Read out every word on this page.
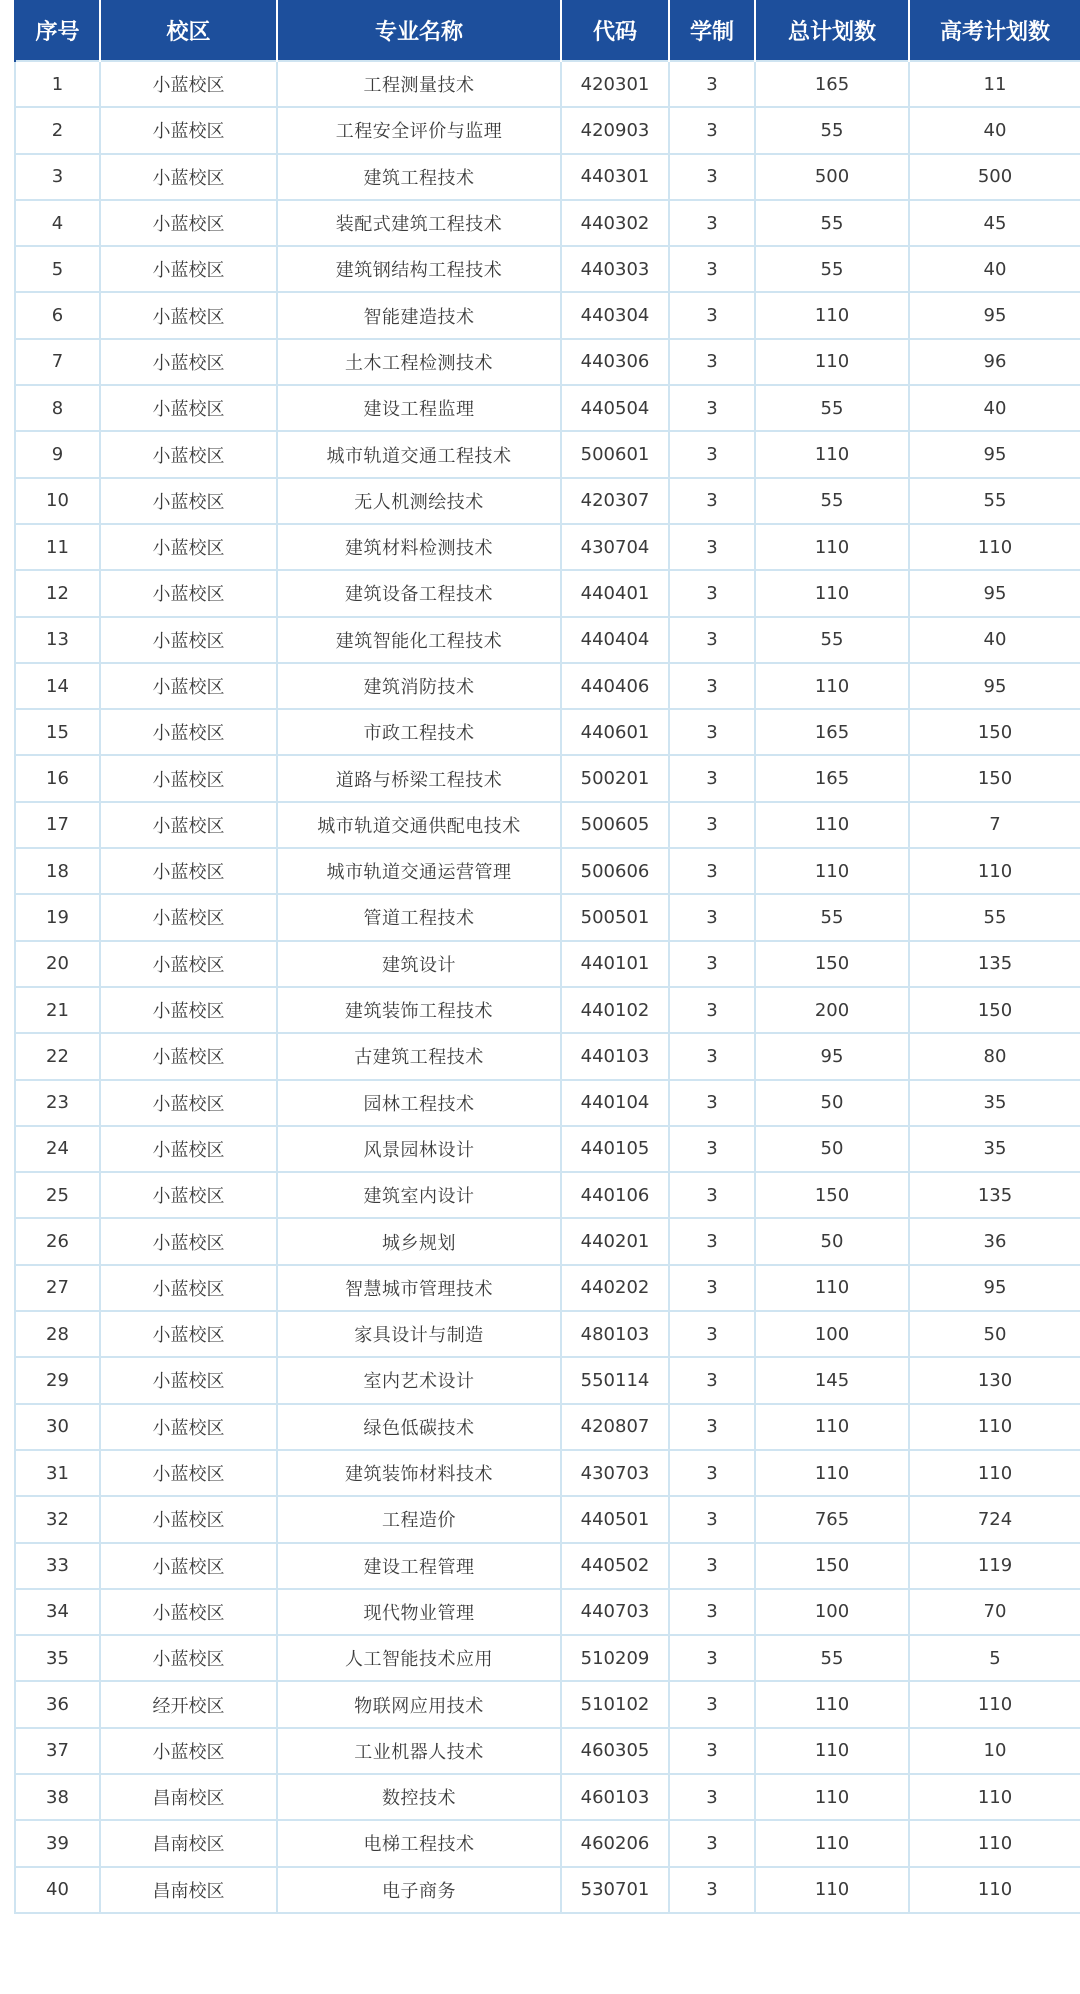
序号	校区	专业名称	代码	学制	总计划数	高考计划数
1	小蓝校区	工程测量技术	420301	3	165	11
2	小蓝校区	工程安全评价与监理	420903	3	55	40
3	小蓝校区	建筑工程技术	440301	3	500	500
4	小蓝校区	装配式建筑工程技术	440302	3	55	45
5	小蓝校区	建筑钢结构工程技术	440303	3	55	40
6	小蓝校区	智能建造技术	440304	3	110	95
7	小蓝校区	土木工程检测技术	440306	3	110	96
8	小蓝校区	建设工程监理	440504	3	55	40
9	小蓝校区	城市轨道交通工程技术	500601	3	110	95
10	小蓝校区	无人机测绘技术	420307	3	55	55
11	小蓝校区	建筑材料检测技术	430704	3	110	110
12	小蓝校区	建筑设备工程技术	440401	3	110	95
13	小蓝校区	建筑智能化工程技术	440404	3	55	40
14	小蓝校区	建筑消防技术	440406	3	110	95
15	小蓝校区	市政工程技术	440601	3	165	150
16	小蓝校区	道路与桥梁工程技术	500201	3	165	150
17	小蓝校区	城市轨道交通供配电技术	500605	3	110	7
18	小蓝校区	城市轨道交通运营管理	500606	3	110	110
19	小蓝校区	管道工程技术	500501	3	55	55
20	小蓝校区	建筑设计	440101	3	150	135
21	小蓝校区	建筑装饰工程技术	440102	3	200	150
22	小蓝校区	古建筑工程技术	440103	3	95	80
23	小蓝校区	园林工程技术	440104	3	50	35
24	小蓝校区	风景园林设计	440105	3	50	35
25	小蓝校区	建筑室内设计	440106	3	150	135
26	小蓝校区	城乡规划	440201	3	50	36
27	小蓝校区	智慧城市管理技术	440202	3	110	95
28	小蓝校区	家具设计与制造	480103	3	100	50
29	小蓝校区	室内艺术设计	550114	3	145	130
30	小蓝校区	绿色低碳技术	420807	3	110	110
31	小蓝校区	建筑装饰材料技术	430703	3	110	110
32	小蓝校区	工程造价	440501	3	765	724
33	小蓝校区	建设工程管理	440502	3	150	119
34	小蓝校区	现代物业管理	440703	3	100	70
35	小蓝校区	人工智能技术应用	510209	3	55	5
36	经开校区	物联网应用技术	510102	3	110	110
37	小蓝校区	工业机器人技术	460305	3	110	10
38	昌南校区	数控技术	460103	3	110	110
39	昌南校区	电梯工程技术	460206	3	110	110
40	昌南校区	电子商务	530701	3	110	110
